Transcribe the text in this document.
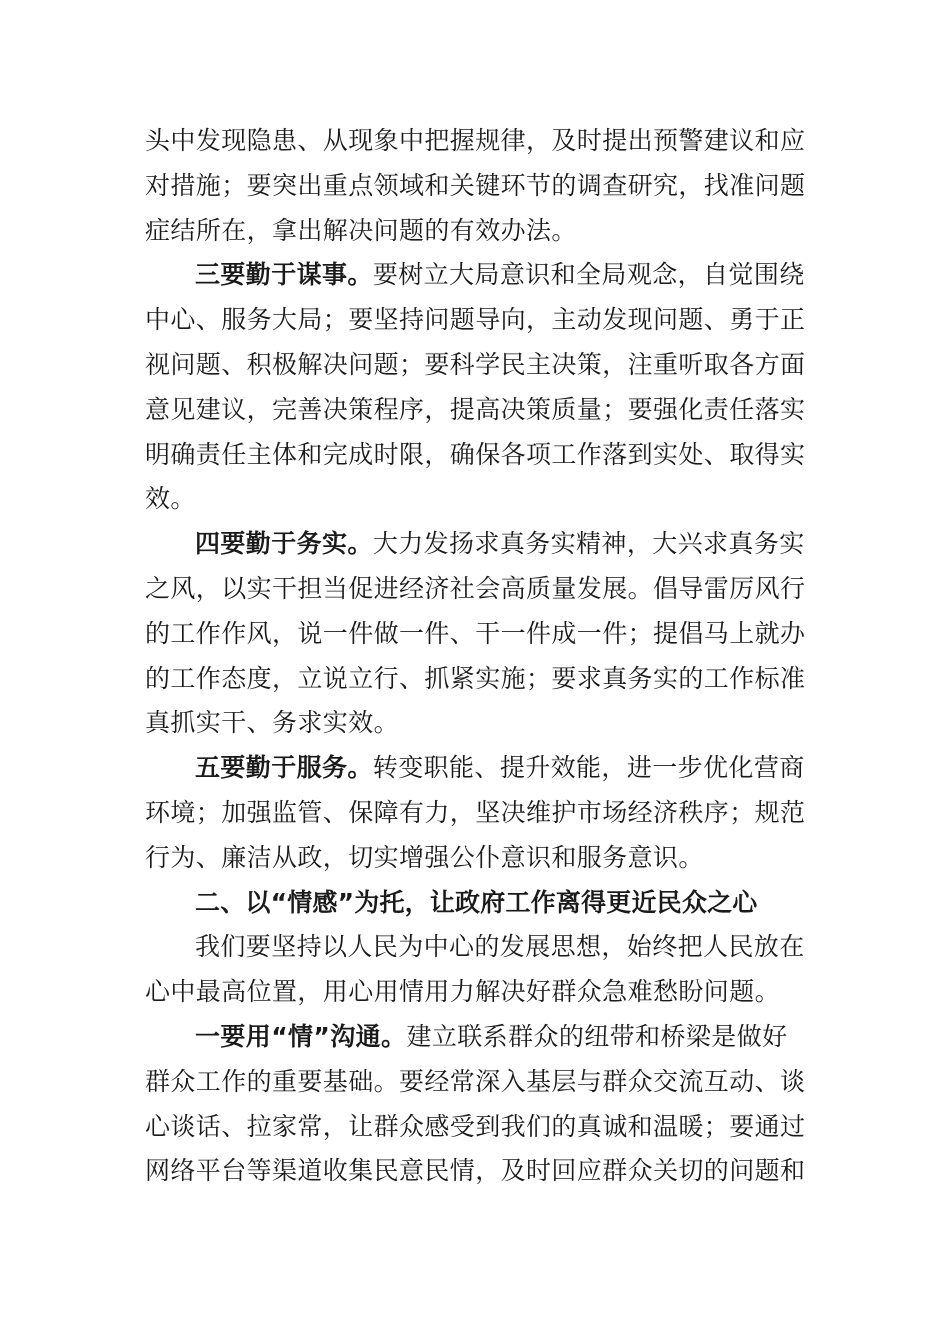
头中发现隐患、从现象中把握规律，及时提出预警建议和应
对措施；要突出重点领域和关键环节的调查研究，找准问题
症结所在，拿出解决问题的有效办法。
三要勤于谋事。要树立大局意识和全局观念，自觉围绕
中心、服务大局；要坚持问题导向，主动发现问题、勇于正
视问题、积极解决问题；要科学民主决策，注重听取各方面
意见建议，完善决策程序，提高决策质量；要强化责任落实
明确责任主体和完成时限，确保各项工作落到实处、取得实
效。
四要勤于务实。大力发扬求真务实精神，大兴求真务实
之风，以实干担当促进经济社会高质量发展。倡导雷厉风行
的工作作风，说一件做一件、干一件成一件；提倡马上就办
的工作态度，立说立行、抓紧实施；要求真务实的工作标准
真抓实干、务求实效。
五要勤于服务。转变职能、提升效能，进一步优化营商
环境；加强监管、保障有力，坚决维护市场经济秩序；规范
行为、廉洁从政，切实增强公仆意识和服务意识。
二、以“情感”为托，让政府工作离得更近民众之心
我们要坚持以人民为中心的发展思想，始终把人民放在
心中最高位置，用心用情用力解决好群众急难愁盼问题。
一要用“情”沟通。建立联系群众的纽带和桥梁是做好
群众工作的重要基础。要经常深入基层与群众交流互动、谈
心谈话、拉家常，让群众感受到我们的真诚和温暖；要通过
网络平台等渠道收集民意民情，及时回应群众关切的问题和
